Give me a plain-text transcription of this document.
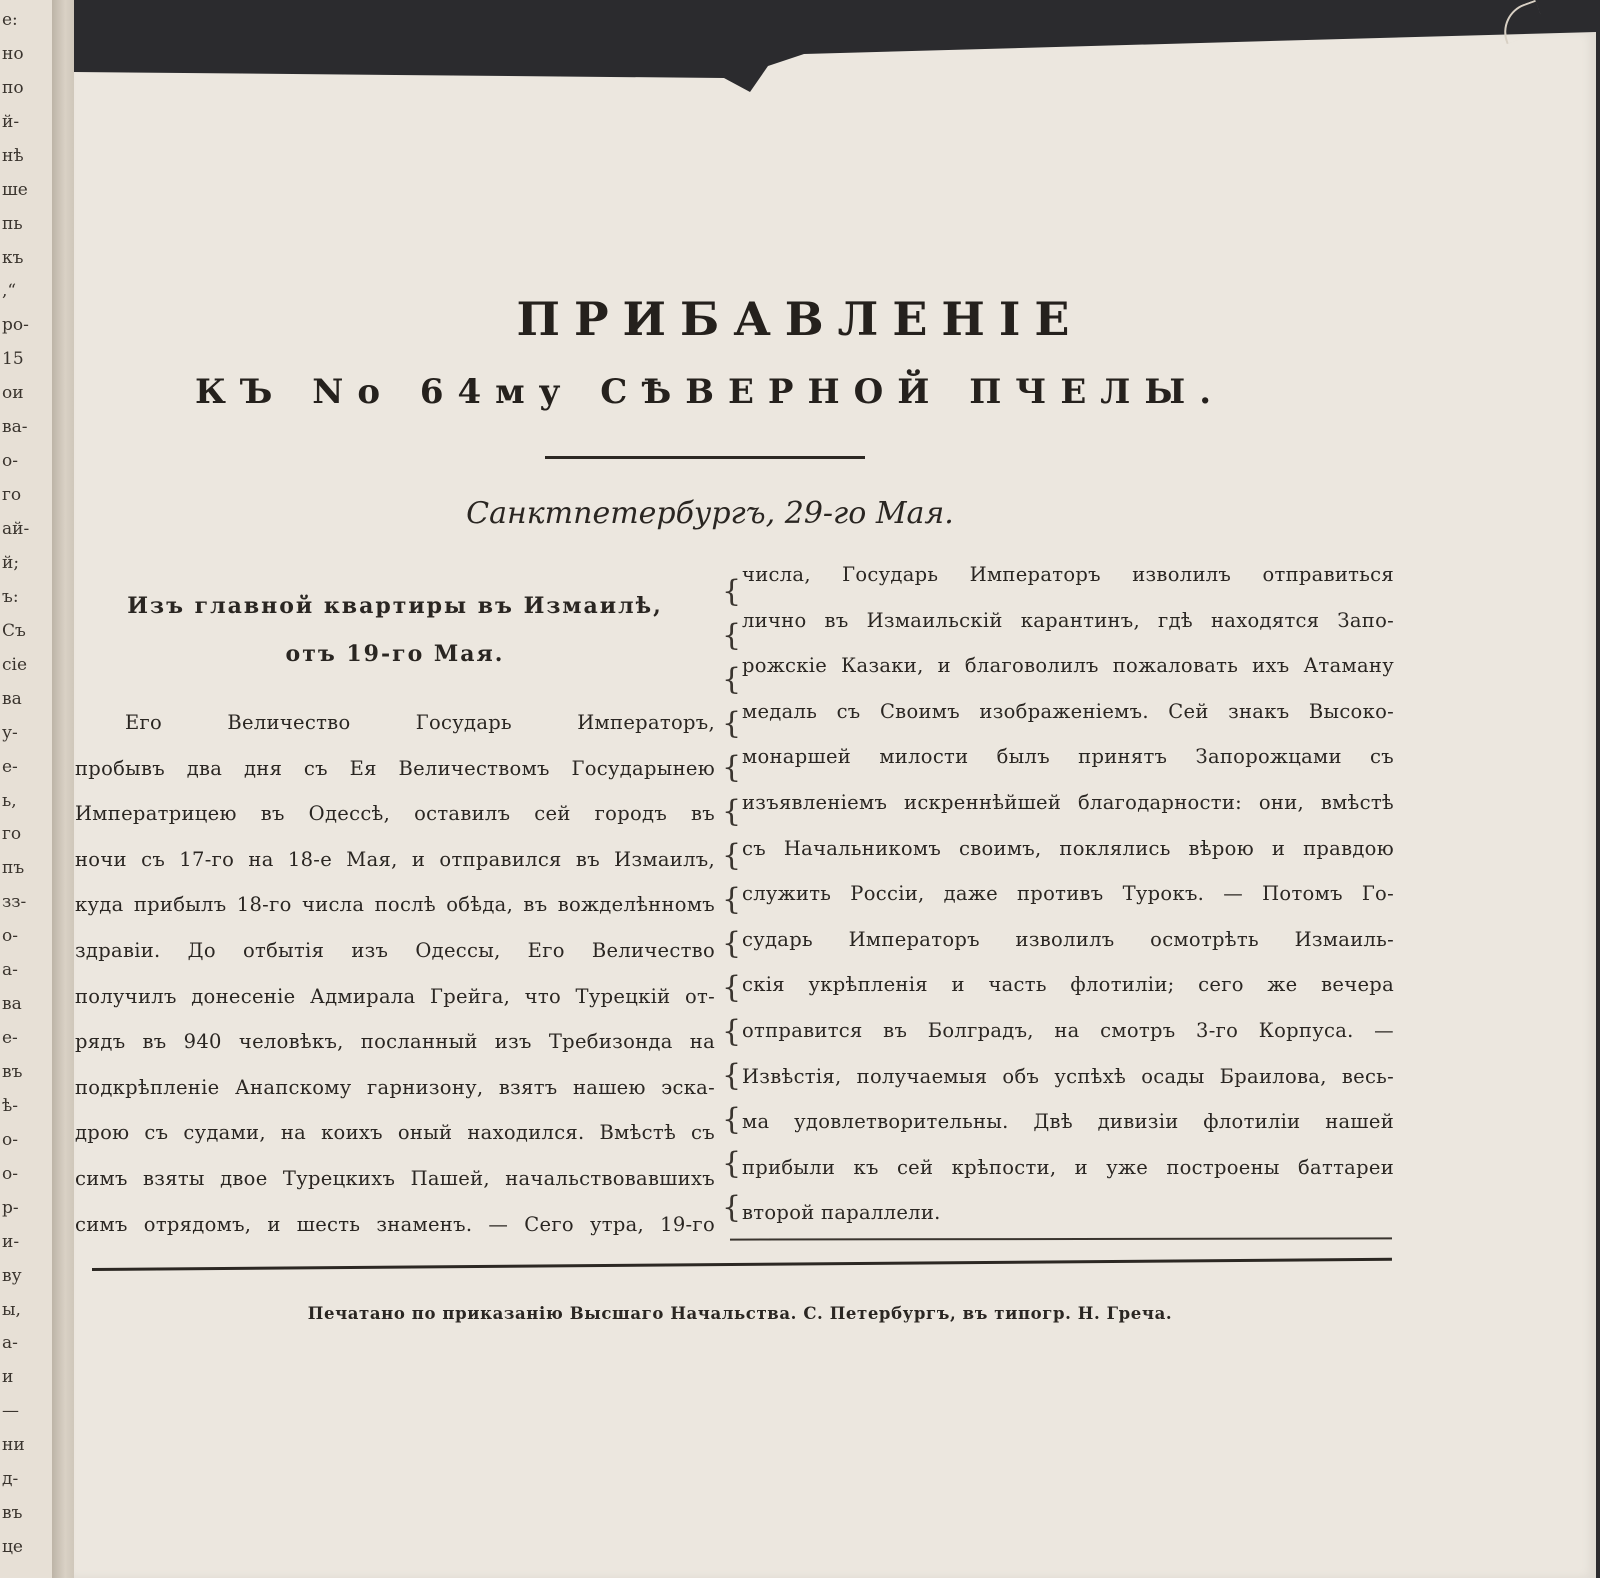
е:
но
по
й-
нѣ
ше
пь
къ
,“
ро-
15
ои
ва-
о-
го
ай-
й;
ъ:
Съ
сіе
ва
у-
е-
ь,
го
пъ
зз-
о-
а-
ва
е-
въ
ѣ-
о-
о-
р-
и-
ву
ы,
а-
и
—
ни
д-
въ
це
ПРИБАВЛЕНІЕ
КЪ No 64му СѢВЕРНОЙ ПЧЕЛЫ.
Санктпетербургъ, 29-го Мая.
Изъ главной квартиры въ Измаилѣ,
отъ 19-го Мая.
Его Величество Государь Императоръ,
пробывъ два дня съ Ея Величествомъ Государынею
Императрицею въ Одессѣ, оставилъ сей городъ въ
ночи съ 17-го на 18-е Мая, и отправился въ Измаилъ,
куда прибылъ 18-го числа послѣ обѣда, въ вожделѣнномъ
здравіи. До отбытія изъ Одессы, Его Величество
получилъ донесеніе Адмирала Грейга, что Турецкій от-
рядъ въ 940 человѣкъ, посланный изъ Требизонда на
подкрѣпленіе Анапскому гарнизону, взятъ нашею эска-
дрою съ судами, на коихъ оный находился. Вмѣстѣ съ
симъ взяты двое Турецкихъ Пашей, начальствовавшихъ
симъ отрядомъ, и шесть знаменъ. — Сего утра, 19-го
{
{
{
{
{
{
{
{
{
{
{
{
{
{
{
числа, Государь Императоръ изволилъ отправиться
лично въ Измаильскій карантинъ, гдѣ находятся Запо-
рожскіе Казаки, и благоволилъ пожаловать ихъ Атаману
медаль съ Своимъ изображеніемъ. Сей знакъ Высоко-
монаршей милости былъ принятъ Запорожцами съ
изъявленіемъ искреннѣйшей благодарности: они, вмѣстѣ
съ Начальникомъ своимъ, поклялись вѣрою и правдою
служить Россіи, даже противъ Турокъ. — Потомъ Го-
сударь Императоръ изволилъ осмотрѣть Измаиль-
скія укрѣпленія и часть флотиліи; сего же вечера
отправится въ Болградъ, на смотръ 3-го Корпуса. —
Извѣстія, получаемыя объ успѣхѣ осады Браилова, весь-
ма удовлетворительны. Двѣ дивизіи флотиліи нашей
прибыли къ сей крѣпости, и уже построены баттареи
второй параллели.
Печатано по приказанію Высшаго Начальства. С. Петербургъ, въ типогр. Н. Греча.
